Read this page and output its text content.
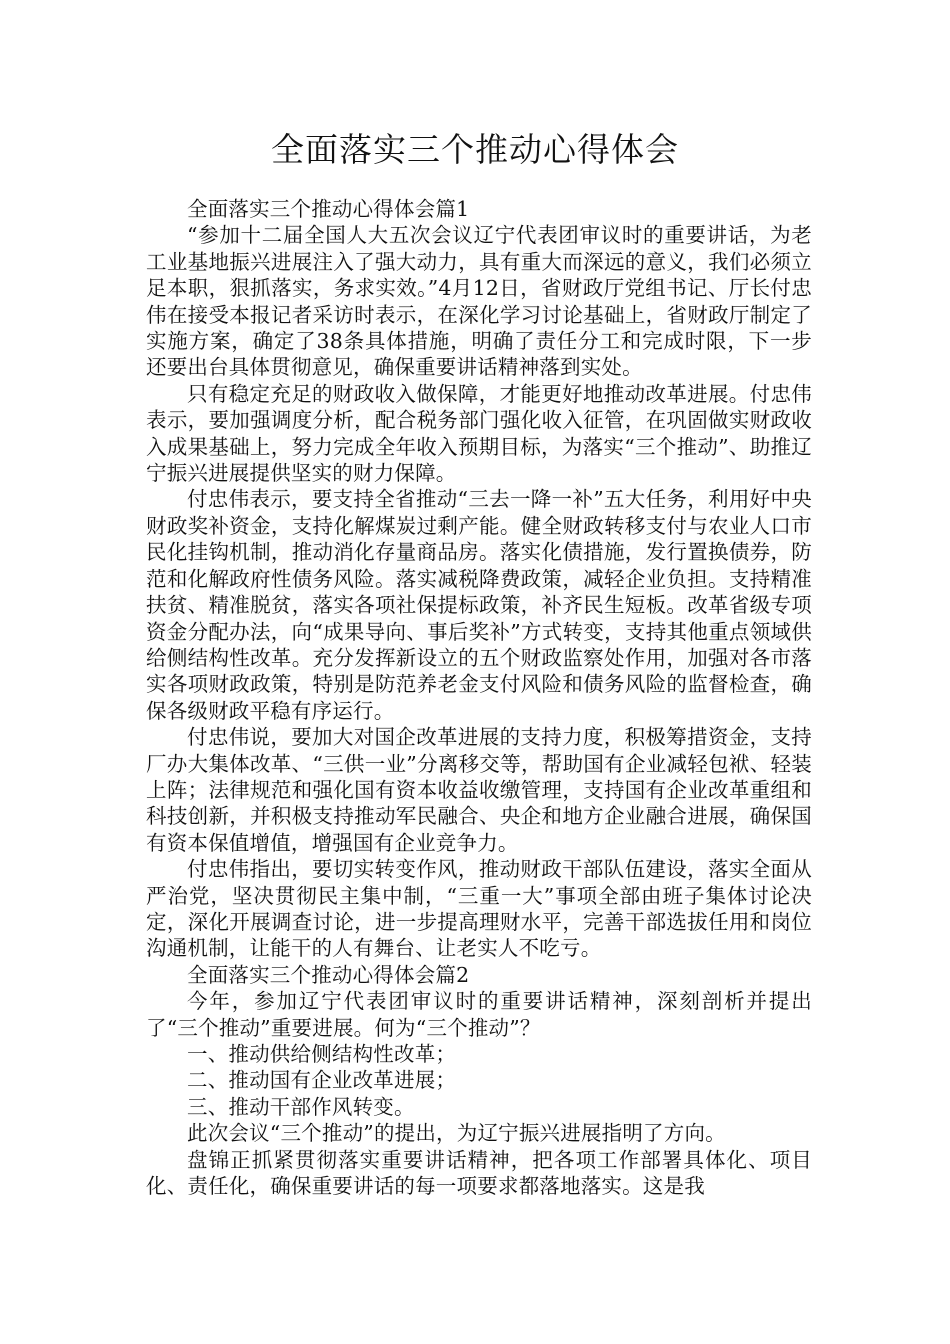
全面落实三个推动心得体会

全面落实三个推动心得体会篇1

“参加十二届全国人大五次会议辽宁代表团审议时的重要讲话，为老工业基地振兴进展注入了强大动力，具有重大而深远的意义，我们必须立足本职，狠抓落实，务求实效。”4月12日，省财政厅党组书记、厅长付忠伟在接受本报记者采访时表示，在深化学习讨论基础上，省财政厅制定了实施方案，确定了38条具体措施，明确了责任分工和完成时限，下一步还要出台具体贯彻意见，确保重要讲话精神落到实处。

只有稳定充足的财政收入做保障，才能更好地推动改革进展。付忠伟表示，要加强调度分析，配合税务部门强化收入征管，在巩固做实财政收入成果基础上，努力完成全年收入预期目标，为落实“三个推动”、助推辽宁振兴进展提供坚实的财力保障。

付忠伟表示，要支持全省推动“三去一降一补”五大任务，利用好中央财政奖补资金，支持化解煤炭过剩产能。健全财政转移支付与农业人口市民化挂钩机制，推动消化存量商品房。落实化债措施，发行置换债券，防范和化解政府性债务风险。落实减税降费政策，减轻企业负担。支持精准扶贫、精准脱贫，落实各项社保提标政策，补齐民生短板。改革省级专项资金分配办法，向“成果导向、事后奖补”方式转变，支持其他重点领域供给侧结构性改革。充分发挥新设立的五个财政监察处作用，加强对各市落实各项财政政策，特别是防范养老金支付风险和债务风险的监督检查，确保各级财政平稳有序运行。

付忠伟说，要加大对国企改革进展的支持力度，积极筹措资金，支持厂办大集体改革、“三供一业”分离移交等，帮助国有企业减轻包袱、轻装上阵；法律规范和强化国有资本收益收缴管理，支持国有企业改革重组和科技创新，并积极支持推动军民融合、央企和地方企业融合进展，确保国有资本保值增值，增强国有企业竞争力。

付忠伟指出，要切实转变作风，推动财政干部队伍建设，落实全面从严治党，坚决贯彻民主集中制，“三重一大”事项全部由班子集体讨论决定，深化开展调查讨论，进一步提高理财水平，完善干部选拔任用和岗位沟通机制，让能干的人有舞台、让老实人不吃亏。

全面落实三个推动心得体会篇2

今年，参加辽宁代表团审议时的重要讲话精神，深刻剖析并提出了“三个推动”重要进展。何为“三个推动”？

一、推动供给侧结构性改革；

二、推动国有企业改革进展；

三、推动干部作风转变。

此次会议“三个推动”的提出，为辽宁振兴进展指明了方向。

盘锦正抓紧贯彻落实重要讲话精神，把各项工作部署具体化、项目化、责任化，确保重要讲话的每一项要求都落地落实。这是我
